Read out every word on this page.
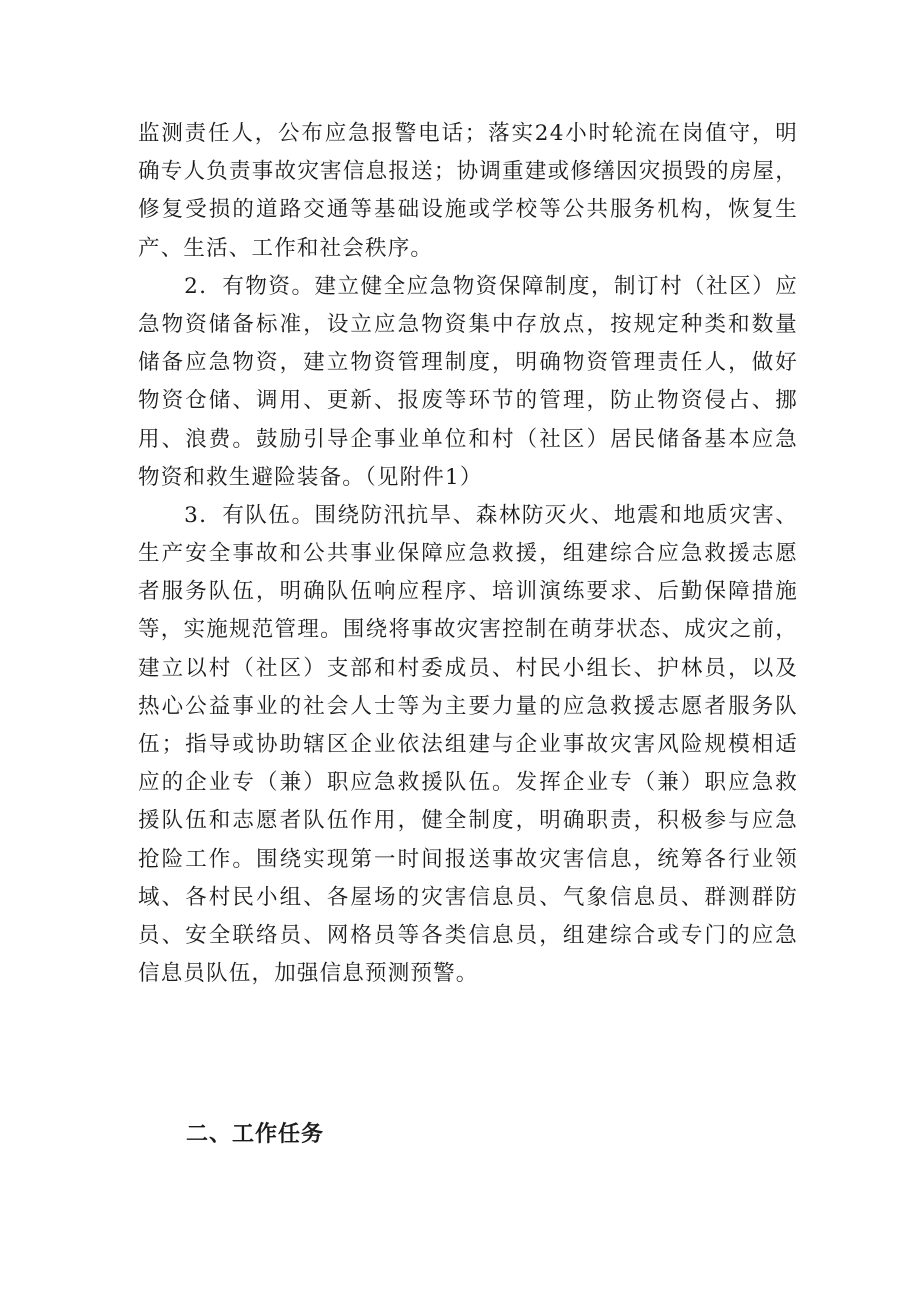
监测责任人，公布应急报警电话；落实24小时轮流在岗值守，明
确专人负责事故灾害信息报送；协调重建或修缮因灾损毁的房屋，
修复受损的道路交通等基础设施或学校等公共服务机构，恢复生
产、生活、工作和社会秩序。
　　2．有物资。建立健全应急物资保障制度，制订村（社区）应
急物资储备标准，设立应急物资集中存放点，按规定种类和数量
储备应急物资，建立物资管理制度，明确物资管理责任人，做好
物资仓储、调用、更新、报废等环节的管理，防止物资侵占、挪
用、浪费。鼓励引导企事业单位和村（社区）居民储备基本应急
物资和救生避险装备。（见附件1）
　　3．有队伍。围绕防汛抗旱、森林防灭火、地震和地质灾害、
生产安全事故和公共事业保障应急救援，组建综合应急救援志愿
者服务队伍，明确队伍响应程序、培训演练要求、后勤保障措施
等，实施规范管理。围绕将事故灾害控制在萌芽状态、成灾之前，
建立以村（社区）支部和村委成员、村民小组长、护林员，以及
热心公益事业的社会人士等为主要力量的应急救援志愿者服务队
伍；指导或协助辖区企业依法组建与企业事故灾害风险规模相适
应的企业专（兼）职应急救援队伍。发挥企业专（兼）职应急救
援队伍和志愿者队伍作用，健全制度，明确职责，积极参与应急
抢险工作。围绕实现第一时间报送事故灾害信息，统筹各行业领
域、各村民小组、各屋场的灾害信息员、气象信息员、群测群防
员、安全联络员、网格员等各类信息员，组建综合或专门的应急
信息员队伍，加强信息预测预警。
二、工作任务
